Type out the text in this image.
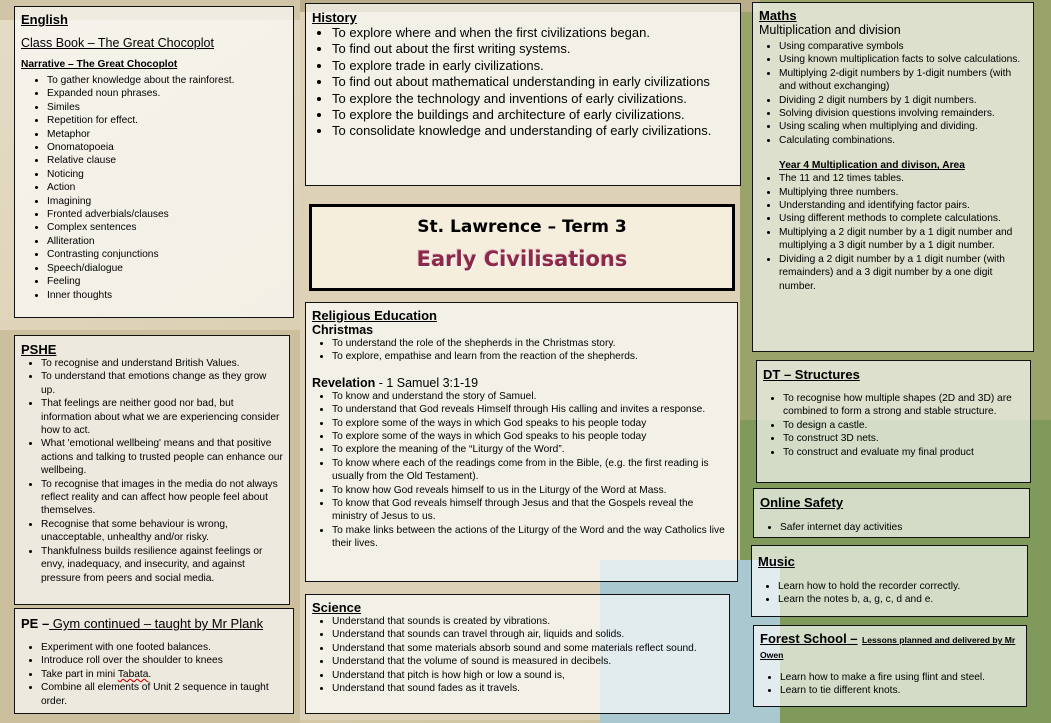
English
Class Book – The Great Chocoplot
Narrative – The Great Chocoplot
• To gather knowledge about the rainforest.
• Expanded noun phrases.
• Similes
• Repetition for effect.
• Metaphor
• Onomatopoeia
• Relative clause
• Noticing
• Action
• Imagining
• Fronted adverbials/clauses
• Complex sentences
• Alliteration
• Contrasting conjunctions
• Speech/dialogue
• Feeling
• Inner thoughts
History
• To explore where and when the first civilizations began.
• To find out about the first writing systems.
• To explore trade in early civilizations.
• To find out about mathematical understanding in early civilizations
• To explore the technology and inventions of early civilizations.
• To explore the buildings and architecture of early civilizations.
• To consolidate knowledge and understanding of early civilizations.
St. Lawrence – Term 3
Early Civilisations
Maths
Multiplication and division
• Using comparative symbols
• Using known multiplication facts to solve calculations.
• Multiplying 2-digit numbers by 1-digit numbers (with and without exchanging)
• Dividing 2 digit numbers by 1 digit numbers.
• Solving division questions involving remainders.
• Using scaling when multiplying and dividing.
• Calculating combinations.
Year 4 Multiplication and divison, Area
• The 11 and 12 times tables.
• Multiplying three numbers.
• Understanding and identifying factor pairs.
• Using different methods to complete calculations.
• Multiplying a 2 digit number by a 1 digit number and multiplying a 3 digit number by a 1 digit number.
• Dividing a 2 digit number by a 1 digit number (with remainders) and a 3 digit number by a one digit number.
PSHE
• To recognise and understand British Values.
• To understand that emotions change as they grow up.
• That feelings are neither good nor bad, but information about what we are experiencing consider how to act.
• What 'emotional wellbeing' means and that positive actions and talking to trusted people can enhance our wellbeing.
• To recognise that images in the media do not always reflect reality and can affect how people feel about themselves.
• Recognise that some behaviour is wrong, unacceptable, unhealthy and/or risky.
• Thankfulness builds resilience against feelings or envy, inadequacy, and insecurity, and against pressure from peers and social media.
Religious Education
Christmas
• To understand the role of the shepherds in the Christmas story.
• To explore, empathise and learn from the reaction of the shepherds.
Revelation - 1 Samuel 3:1-19
• To know and understand the story of Samuel.
• To understand that God reveals Himself through His calling and invites a response.
• To explore some of the ways in which God speaks to his people today
• To explore some of the ways in which God speaks to his people today
• To explore the meaning of the “Liturgy of the Word”.
• To know where each of the readings come from in the Bible, (e.g. the first reading is usually from the Old Testament).
• To know how God reveals himself to us in the Liturgy of the Word at Mass.
• To know that God reveals himself through Jesus and that the Gospels reveal the ministry of Jesus to us.
• To make links between the actions of the Liturgy of the Word and the way Catholics live their lives.
DT – Structures
• To recognise how multiple shapes (2D and 3D) are combined to form a strong and stable structure.
• To design a castle.
• To construct 3D nets.
• To construct and evaluate my final product
Online Safety
• Safer internet day activities
Music
• Learn how to hold the recorder correctly.
• Learn the notes b, a, g, c, d and e.
Forest School – Lessons planned and delivered by Mr Owen
• Learn how to make a fire using flint and steel.
• Learn to tie different knots.
PE – Gym continued – taught by Mr Plank
• Experiment with one footed balances.
• Introduce roll over the shoulder to knees
• Take part in mini Tabata.
• Combine all elements of Unit 2 sequence in taught order.
Science
• Understand that sounds is created by vibrations.
• Understand that sounds can travel through air, liquids and solids.
• Understand that some materials absorb sound and some materials reflect sound.
• Understand that the volume of sound is measured in decibels.
• Understand that pitch is how high or low a sound is,
• Understand that sound fades as it travels.
